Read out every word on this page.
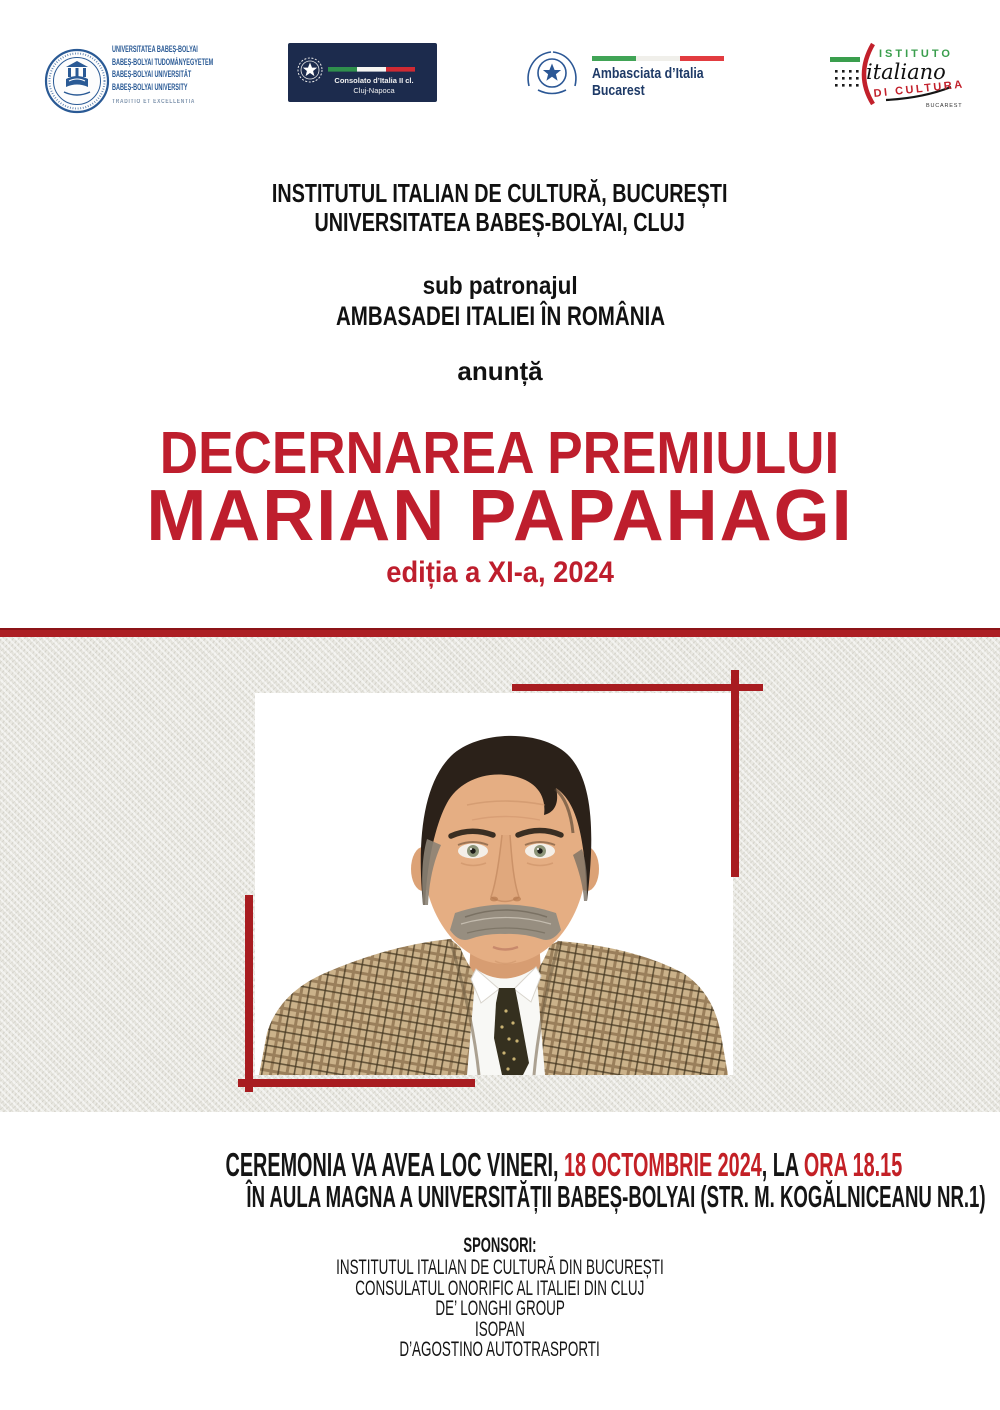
UNIVERSITATEA BABEȘ-BOLYAI
BABEȘ-BOLYAI TUDOMÁNYEGYETEM
BABEȘ-BOLYAI UNIVERSITÄT
BABEȘ-BOLYAI UNIVERSITY
TRADITIO ET EXCELLENTIA
Consolato d’Italia II cl.
Cluj-Napoca
Ambasciata d’Italia
Bucarest
ISTITUTO
italiano
DI CULTURA
BUCAREST
INSTITUTUL ITALIAN DE CULTURĂ, BUCUREȘTI
UNIVERSITATEA BABEȘ-BOLYAI, CLUJ
sub patronajul
AMBASADEI ITALIEI ÎN ROMÂNIA
anunță
DECERNAREA PREMIULUI
MARIAN PAPAHAGI
ediția a XI-a, 2024
CEREMONIA VA AVEA LOC VINERI, 18 OCTOMBRIE 2024, LA ORA 18.15
ÎN AULA MAGNA A UNIVERSITĂȚII BABEȘ-BOLYAI (STR. M. KOGĂLNICEANU NR.1)
SPONSORI:
INSTITUTUL ITALIAN DE CULTURĂ DIN BUCUREȘTI
CONSULATUL ONORIFIC AL ITALIEI DIN CLUJ
DE’ LONGHI GROUP
ISOPAN
D’AGOSTINO AUTOTRASPORTI
